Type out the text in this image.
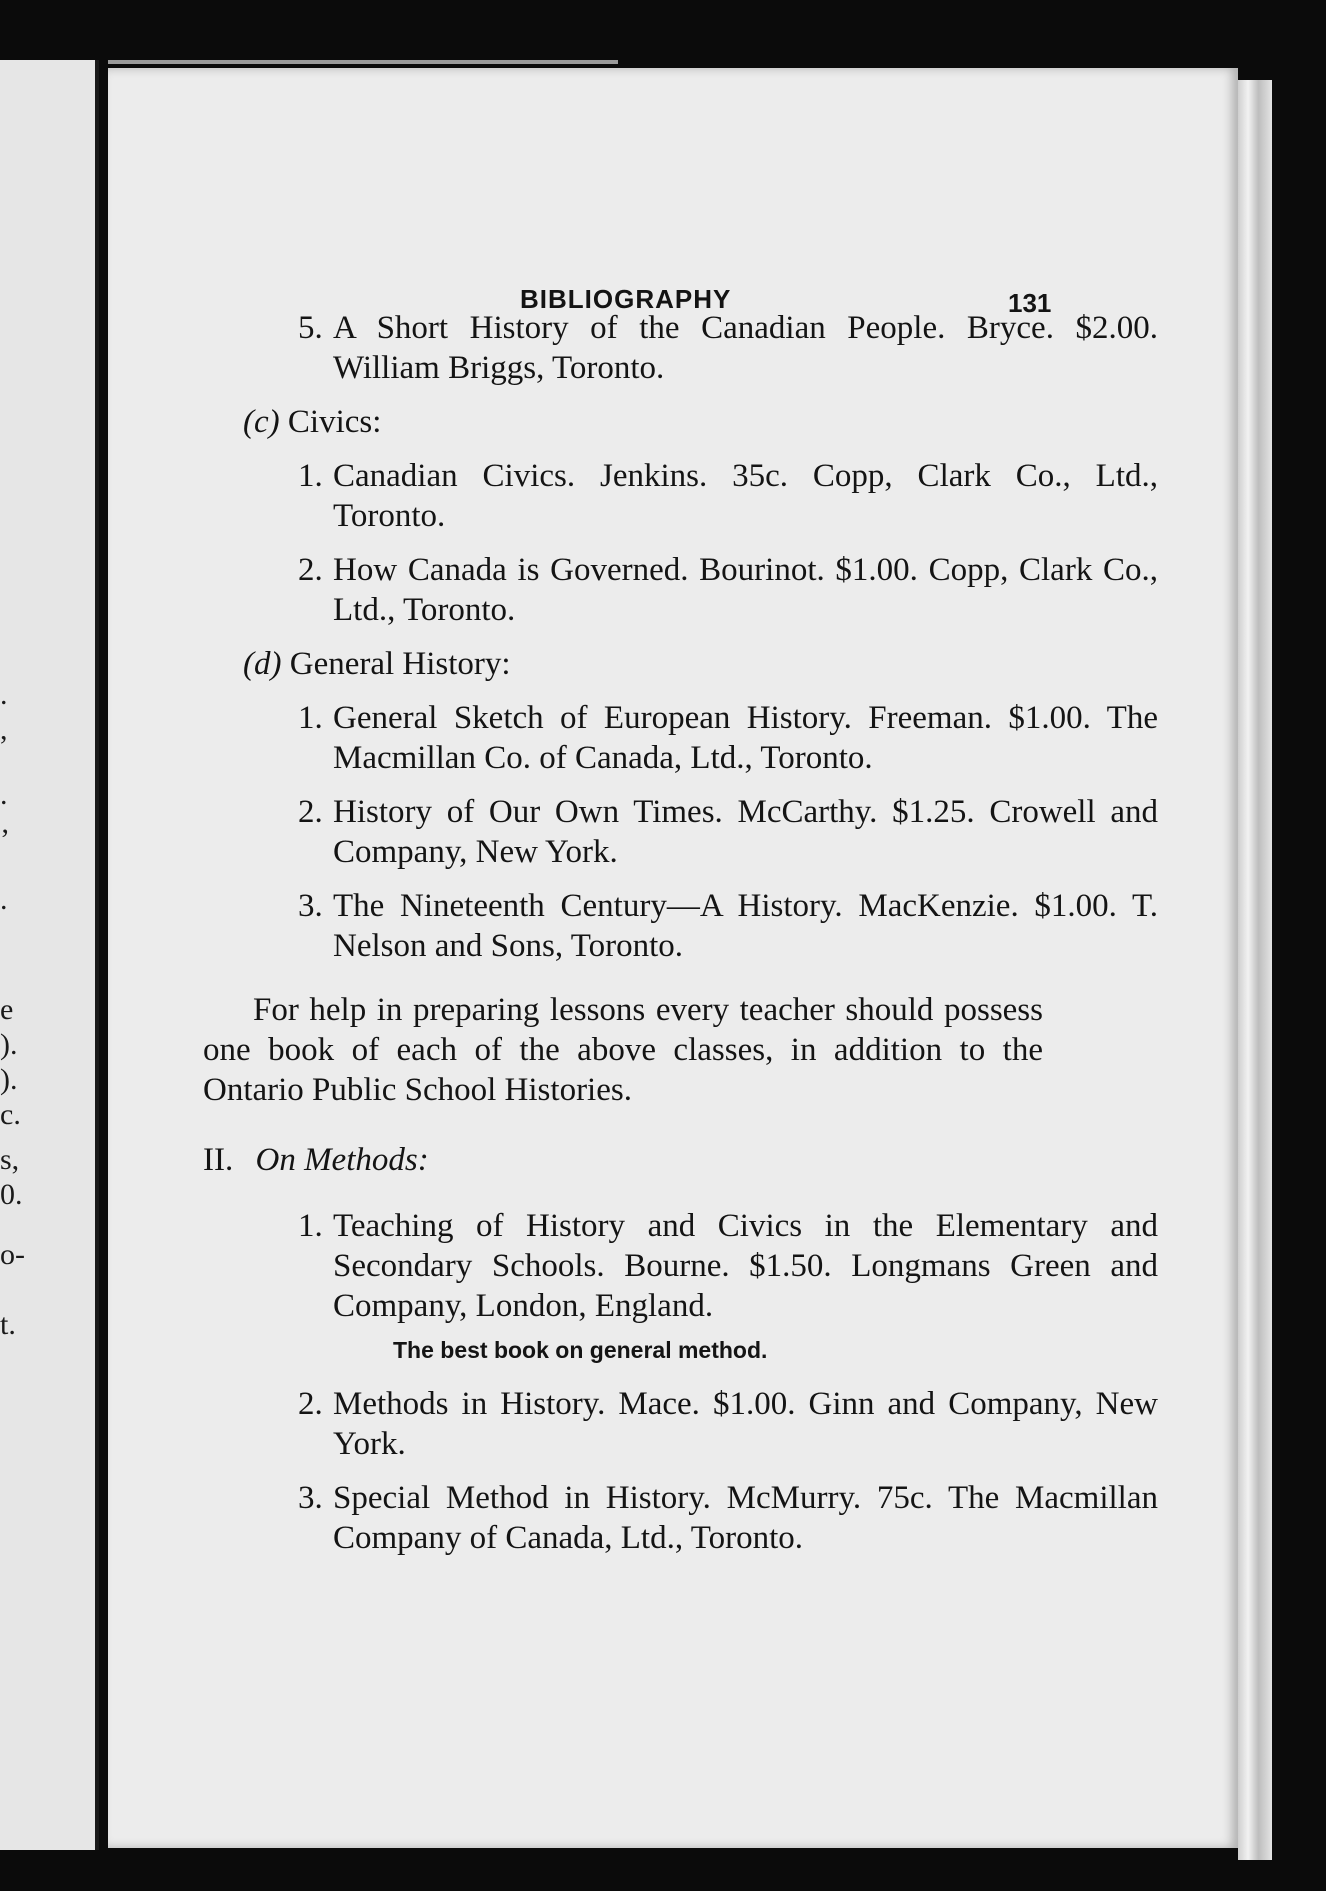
.
,
.
’
.
e
).
).
c.
s,
0.
o-
t.
BIBLIOGRAPHY	131
5. A Short History of the Canadian People. Bryce. $2.00. William Briggs, Toronto.
(c) Civics:
1. Canadian Civics. Jenkins. 35c. Copp, Clark Co., Ltd., Toronto.
2. How Canada is Governed. Bourinot. $1.00. Copp, Clark Co., Ltd., Toronto.
(d) General History:
1. General Sketch of European History. Freeman. $1.00. The Macmillan Co. of Canada, Ltd., Toronto.
2. History of Our Own Times. McCarthy. $1.25. Crowell and Company, New York.
3. The Nineteenth Century—A History. MacKenzie. $1.00. T. Nelson and Sons, Toronto.

For help in preparing lessons every teacher should possess one book of each of the above classes, in addition to the Ontario Public School Histories.

II. On Methods:
1. Teaching of History and Civics in the Elementary and Secondary Schools. Bourne. $1.50. Longmans Green and Company, London, England.
The best book on general method.
2. Methods in History. Mace. $1.00. Ginn and Company, New York.
3. Special Method in History. McMurry. 75c. The Macmillan Company of Canada, Ltd., Toronto.
